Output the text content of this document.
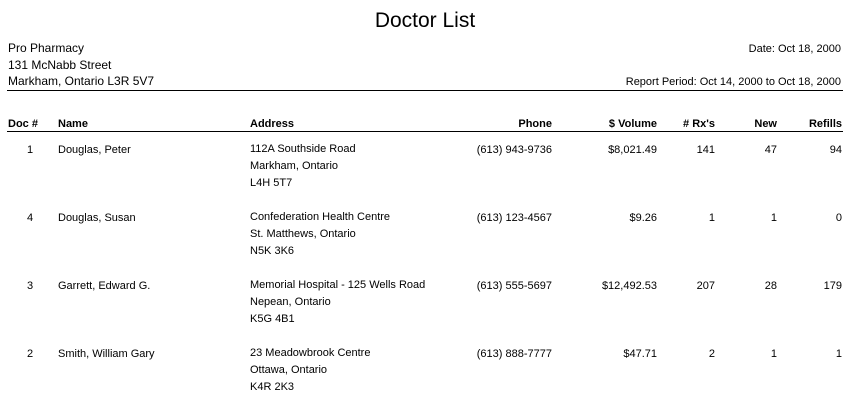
Doctor List
Pro Pharmacy
131 McNabb Street
Markham, Ontario L3R 5V7
Date: Oct 18, 2000
Report Period: Oct 14, 2000 to Oct 18, 2000
Doc # Name	Address	Phone	$ Volume	# Rx's	New	Refills
1	Douglas, Peter	112A Southside Road
Markham, Ontario
L4H 5T7
(613) 943-9736	$8,021.49	141	47	94
4	Douglas, Susan	Confederation Health Centre
St. Matthews, Ontario
N5K 3K6
(613) 123-4567	$9.26	1	1	0
3	Garrett, Edward G.	Memorial Hospital - 125 Wells Road
Nepean, Ontario
K5G 4B1
(613) 555-5697	$12,492.53	207	28	179
2	Smith, William Gary	23 Meadowbrook Centre
Ottawa, Ontario
K4R 2K3
(613) 888-7777	$47.71	2	1	1
